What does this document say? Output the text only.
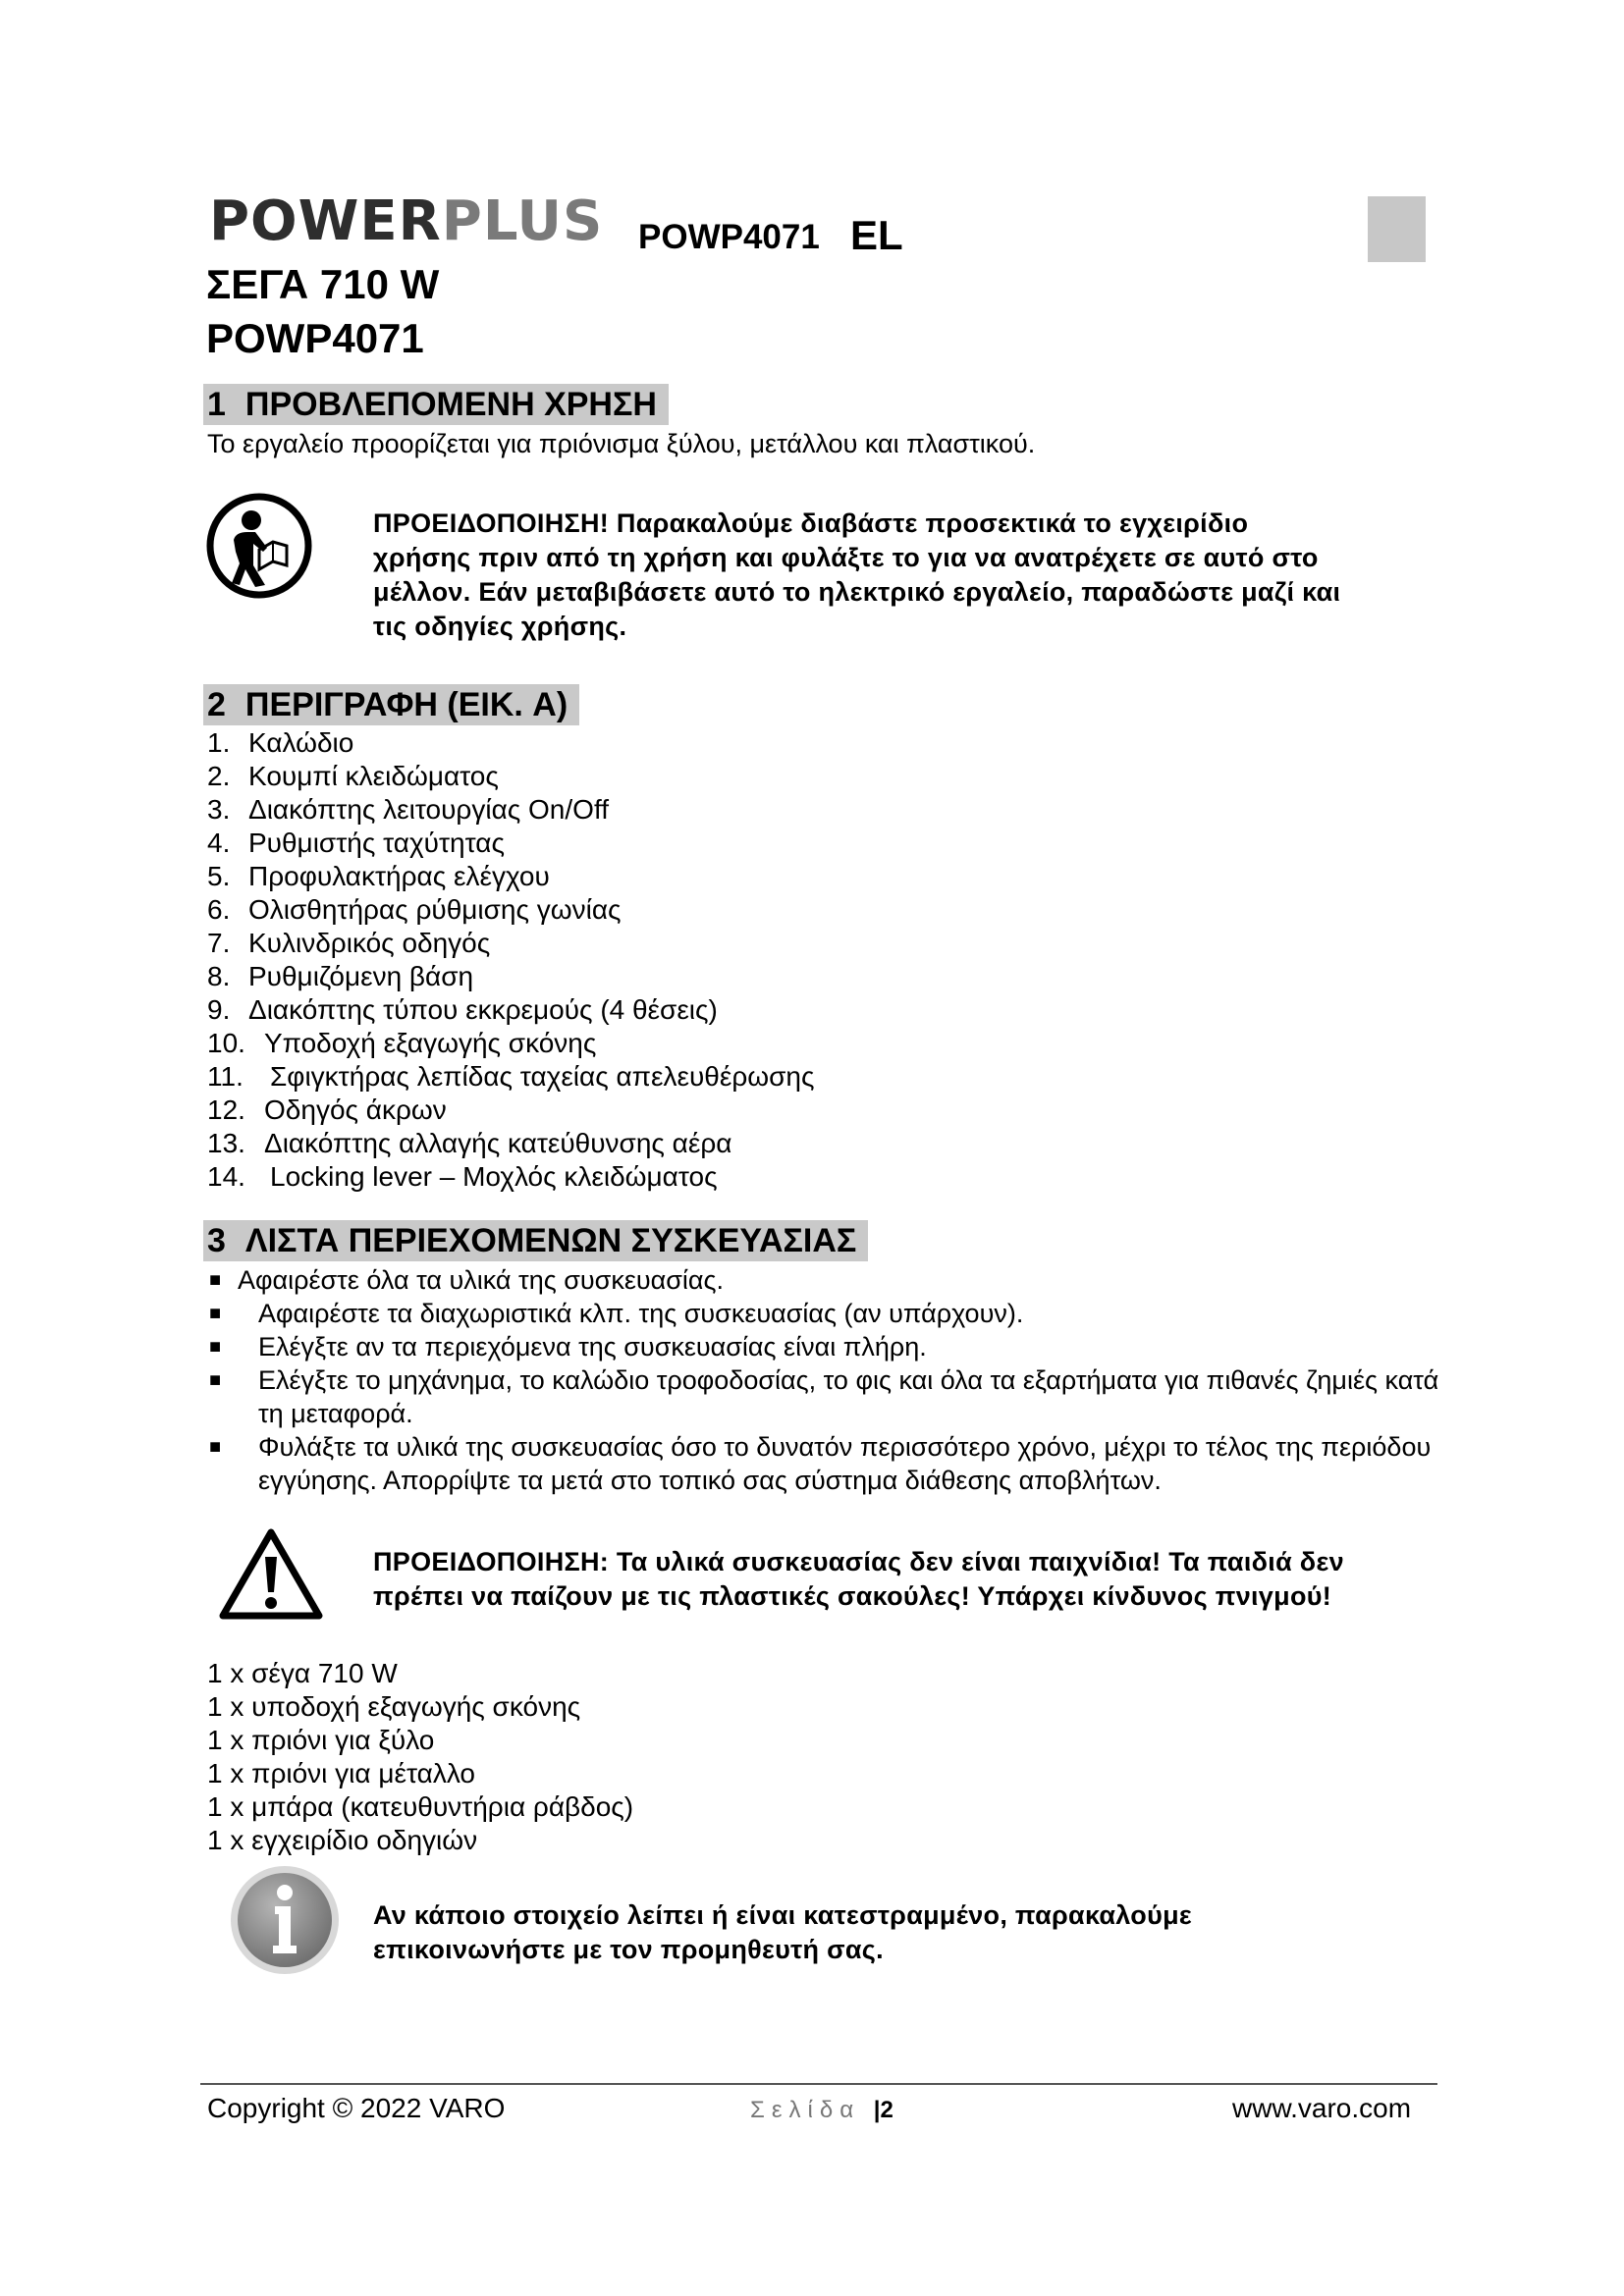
POWERPLUS POWP4071 EL
ΣΕΓΑ 710 W
POWP4071
1 ΠΡΟΒΛΕΠΟΜΕΝΗ ΧΡΗΣΗ
Το εργαλείο προορίζεται για πριόνισμα ξύλου, μετάλλου και πλαστικού.
ΠΡΟΕΙΔΟΠΟΙΗΣΗ! Παρακαλούμε διαβάστε προσεκτικά το εγχειρίδιο
χρήσης πριν από τη χρήση και φυλάξτε το για να ανατρέχετε σε αυτό στο
μέλλον. Εάν μεταβιβάσετε αυτό το ηλεκτρικό εργαλείο, παραδώστε μαζί και
τις οδηγίες χρήσης.
2 ΠΕΡΙΓΡΑΦΗ (ΕΙΚ. A)
1. Καλώδιο
2. Κουμπί κλειδώματος
3. Διακόπτης λειτουργίας On/Off
4. Ρυθμιστής ταχύτητας
5. Προφυλακτήρας ελέγχου
6. Ολισθητήρας ρύθμισης γωνίας
7. Κυλινδρικός οδηγός
8. Ρυθμιζόμενη βάση
9. Διακόπτης τύπου εκκρεμούς (4 θέσεις)
10. Υποδοχή εξαγωγής σκόνης
11. Σφιγκτήρας λεπίδας ταχείας απελευθέρωσης
12. Οδηγός άκρων
13. Διακόπτης αλλαγής κατεύθυνσης αέρα
14. Locking lever – Μοχλός κλειδώματος
3 ΛΙΣΤΑ ΠΕΡΙΕΧΟΜΕΝΩΝ ΣΥΣΚΕΥΑΣΙΑΣ
■ Αφαιρέστε όλα τα υλικά της συσκευασίας.
■ Αφαιρέστε τα διαχωριστικά κλπ. της συσκευασίας (αν υπάρχουν).
■ Ελέγξτε αν τα περιεχόμενα της συσκευασίας είναι πλήρη.
■ Ελέγξτε το μηχάνημα, το καλώδιο τροφοδοσίας, το φις και όλα τα εξαρτήματα για πιθανές ζημιές κατά τη μεταφορά.
■ Φυλάξτε τα υλικά της συσκευασίας όσο το δυνατόν περισσότερο χρόνο, μέχρι το τέλος της περιόδου εγγύησης. Απορρίψτε τα μετά στο τοπικό σας σύστημα διάθεσης αποβλήτων.
ΠΡΟΕΙΔΟΠΟΙΗΣΗ: Τα υλικά συσκευασίας δεν είναι παιχνίδια! Τα παιδιά δεν
πρέπει να παίζουν με τις πλαστικές σακούλες! Υπάρχει κίνδυνος πνιγμού!
1 x σέγα 710 W
1 x υποδοχή εξαγωγής σκόνης
1 x πριόνι για ξύλο
1 x πριόνι για μέταλλο
1 x μπάρα (κατευθυντήρια ράβδος)
1 x εγχειρίδιο οδηγιών
Αν κάποιο στοιχείο λείπει ή είναι κατεστραμμένο, παρακαλούμε
επικοινωνήστε με τον προμηθευτή σας.
Copyright © 2022 VARO	Σελίδα |2	www.varo.com
